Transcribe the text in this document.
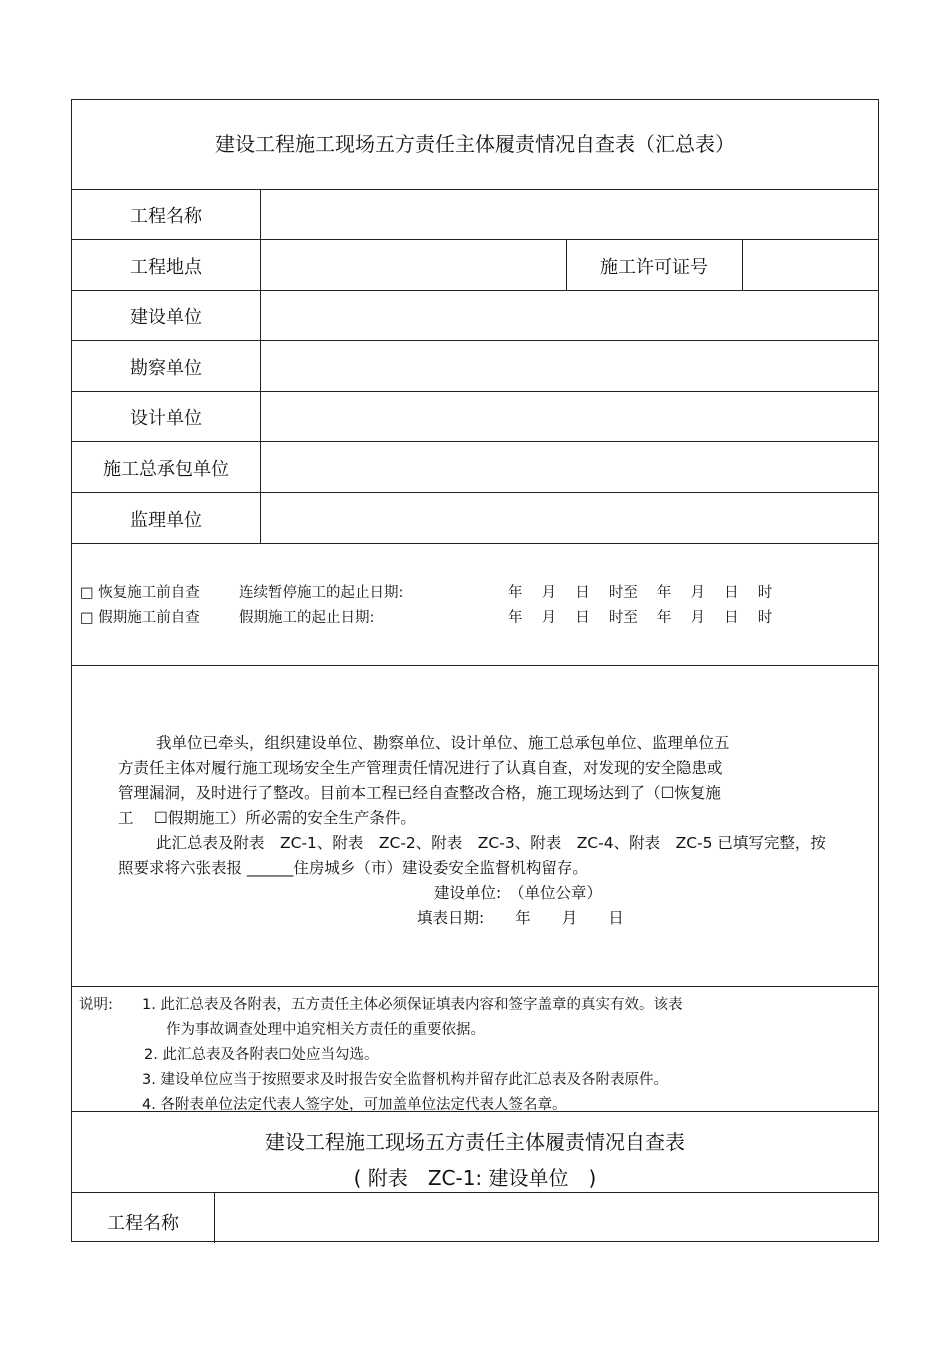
建设工程施工现场五方责任主体履责情况自查表（汇总表）
工程名称
工程地点	施工许可证号
建设单位
勘察单位
设计单位
施工总承包单位
监理单位
□ 恢复施工前自查	连续暂停施工的起止日期:	年　 月　 日　 时至　 年　 月　 日　 时
□ 假期施工前自查	假期施工的起止日期:	年　 月　 日　 时至　 年　 月　 日　 时
我单位已牵头，组织建设单位、勘察单位、设计单位、施工总承包单位、监理单位五
方责任主体对履行施工现场安全生产管理责任情况进行了认真自查，对发现的安全隐患或
管理漏洞，及时进行了整改。目前本工程已经自查整改合格，施工现场达到了（☐恢复施
工　 ☐假期施工）所必需的安全生产条件。
此汇总表及附表　ZC-1、附表　ZC-2、附表　ZC-3、附表　ZC-4、附表　ZC-5 已填写完整，按
照要求将六张表报 ______住房城乡（市）建设委安全监督机构留存。
建设单位:　（单位公章）
填表日期:　　年　　月　　日
说明: 1. 此汇总表及各附表，五方责任主体必须保证填表内容和签字盖章的真实有效。该表
作为事故调查处理中追究相关方责任的重要依据。
2. 此汇总表及各附表☐处应当勾选。
3. 建设单位应当于按照要求及时报告安全监督机构并留存此汇总表及各附表原件。
4. 各附表单位法定代表人签字处，可加盖单位法定代表人签名章。
建设工程施工现场五方责任主体履责情况自查表
( 附表　ZC-1: 建设单位　)
工程名称
